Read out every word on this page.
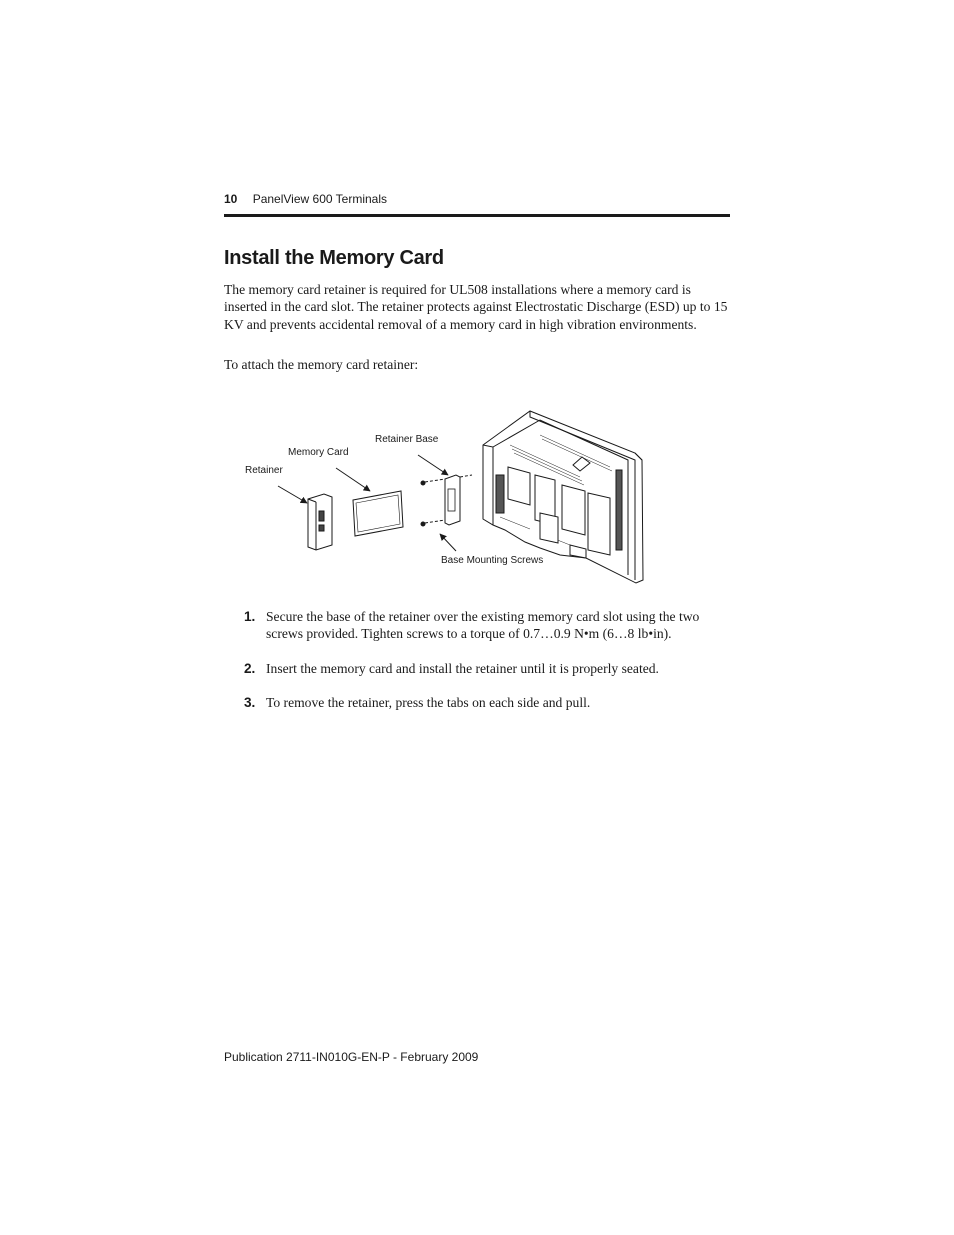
10 PanelView 600 Terminals
Install the Memory Card

The memory card retainer is required for UL508 installations where a memory card is inserted in the card slot. The retainer protects against Electrostatic Discharge (ESD) up to 15 KV and prevents accidental removal of a memory card in high vibration environments.

To attach the memory card retainer:

Retainer
Memory Card
Retainer Base
Base Mounting Screws
1. Secure the base of the retainer over the existing memory card slot using the two screws provided. Tighten screws to a torque of 0.7…0.9 N•m (6…8 lb•in).
2. Insert the memory card and install the retainer until it is properly seated.
3. To remove the retainer, press the tabs on each side and pull.
Publication 2711-IN010G-EN-P - February 2009
